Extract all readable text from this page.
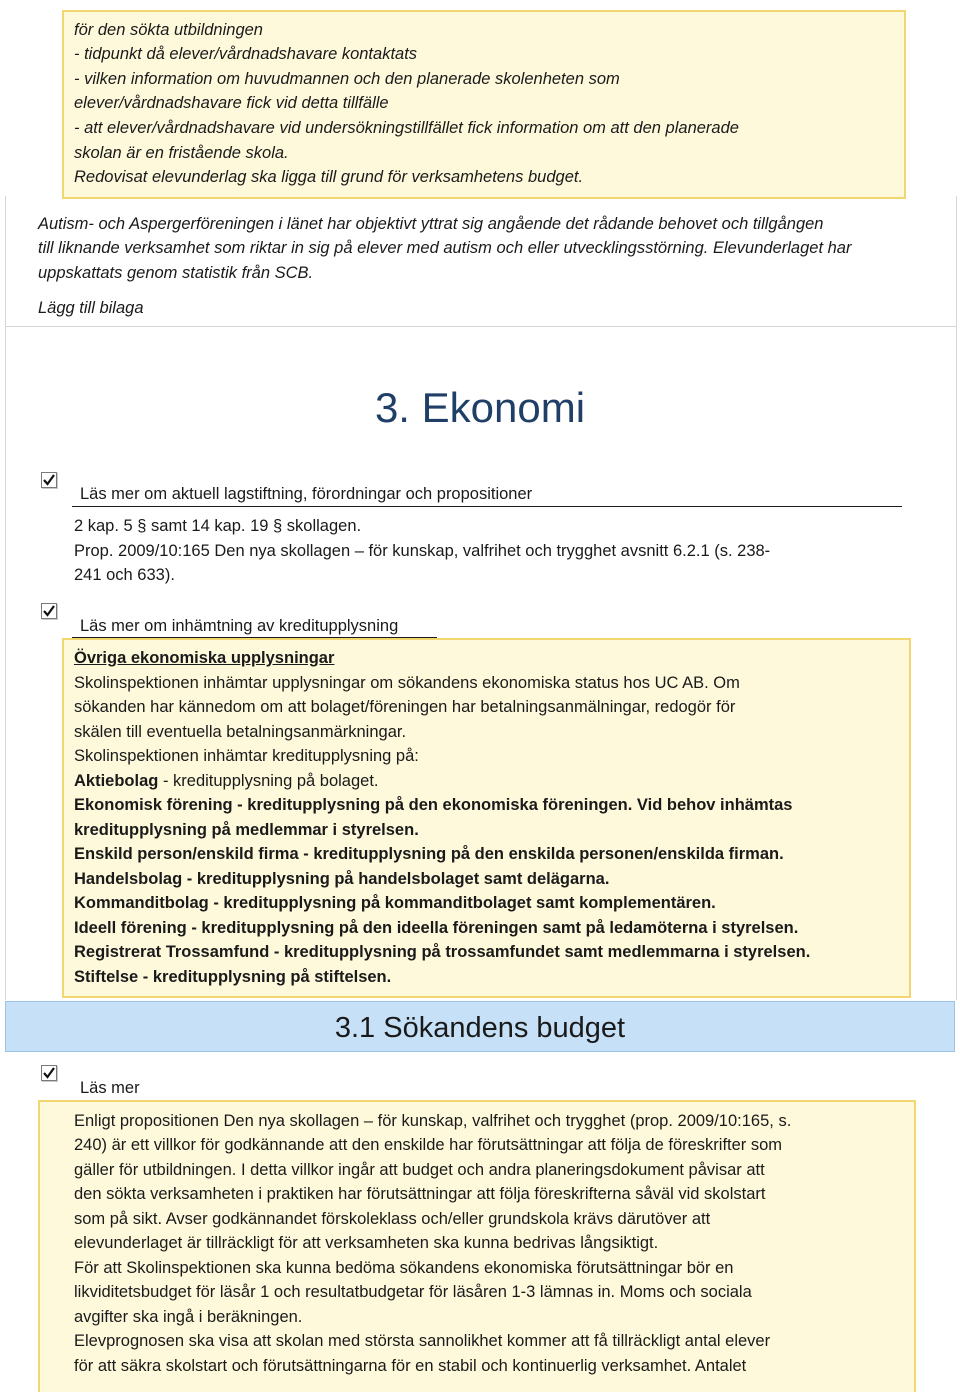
för den sökta utbildningen
- tidpunkt då elever/vårdnadshavare kontaktats
- vilken information om huvudmannen och den planerade skolenheten som
elever/vårdnadshavare fick vid detta tillfälle
- att elever/vårdnadshavare vid undersökningstillfället fick information om att den planerade
skolan är en fristående skola.
Redovisat elevunderlag ska ligga till grund för verksamhetens budget.
Autism- och Aspergerföreningen i länet har objektivt yttrat sig angående det rådande behovet och tillgången
till liknande verksamhet som riktar in sig på elever med autism och eller utvecklingsstörning. Elevunderlaget har
uppskattats genom statistik från SCB.
Lägg till bilaga
3. Ekonomi
Läs mer om aktuell lagstiftning, förordningar och propositioner
2 kap. 5 § samt 14 kap. 19 § skollagen.
Prop. 2009/10:165 Den nya skollagen – för kunskap, valfrihet och trygghet avsnitt 6.2.1 (s. 238-
241 och 633).
Läs mer om inhämtning av kreditupplysning
Övriga ekonomiska upplysningar
Skolinspektionen inhämtar upplysningar om sökandens ekonomiska status hos UC AB. Om
sökanden har kännedom om att bolaget/föreningen har betalningsanmälningar, redogör för
skälen till eventuella betalningsanmärkningar.
Skolinspektionen inhämtar kreditupplysning på:
Aktiebolag - kreditupplysning på bolaget.
Ekonomisk förening - kreditupplysning på den ekonomiska föreningen. Vid behov inhämtas
kreditupplysning på medlemmar i styrelsen.
Enskild person/enskild firma - kreditupplysning på den enskilda personen/enskilda firman.
Handelsbolag - kreditupplysning på handelsbolaget samt delägarna.
Kommanditbolag - kreditupplysning på kommanditbolaget samt komplementären.
Ideell förening - kreditupplysning på den ideella föreningen samt på ledamöterna i styrelsen.
Registrerat Trossamfund - kreditupplysning på trossamfundet samt medlemmarna i styrelsen.
Stiftelse - kreditupplysning på stiftelsen.
3.1 Sökandens budget
Läs mer
Enligt propositionen Den nya skollagen – för kunskap, valfrihet och trygghet (prop. 2009/10:165, s.
240) är ett villkor för godkännande att den enskilde har förutsättningar att följa de föreskrifter som
gäller för utbildningen. I detta villkor ingår att budget och andra planeringsdokument påvisar att
den sökta verksamheten i praktiken har förutsättningar att följa föreskrifterna såväl vid skolstart
som på sikt. Avser godkännandet förskoleklass och/eller grundskola krävs därutöver att
elevunderlaget är tillräckligt för att verksamheten ska kunna bedrivas långsiktigt.
För att Skolinspektionen ska kunna bedöma sökandens ekonomiska förutsättningar bör en
likviditetsbudget för läsår 1 och resultatbudgetar för läsåren 1-3 lämnas in. Moms och sociala
avgifter ska ingå i beräkningen.
Elevprognosen ska visa att skolan med största sannolikhet kommer att få tillräckligt antal elever
för att säkra skolstart och förutsättningarna för en stabil och kontinuerlig verksamhet. Antalet
